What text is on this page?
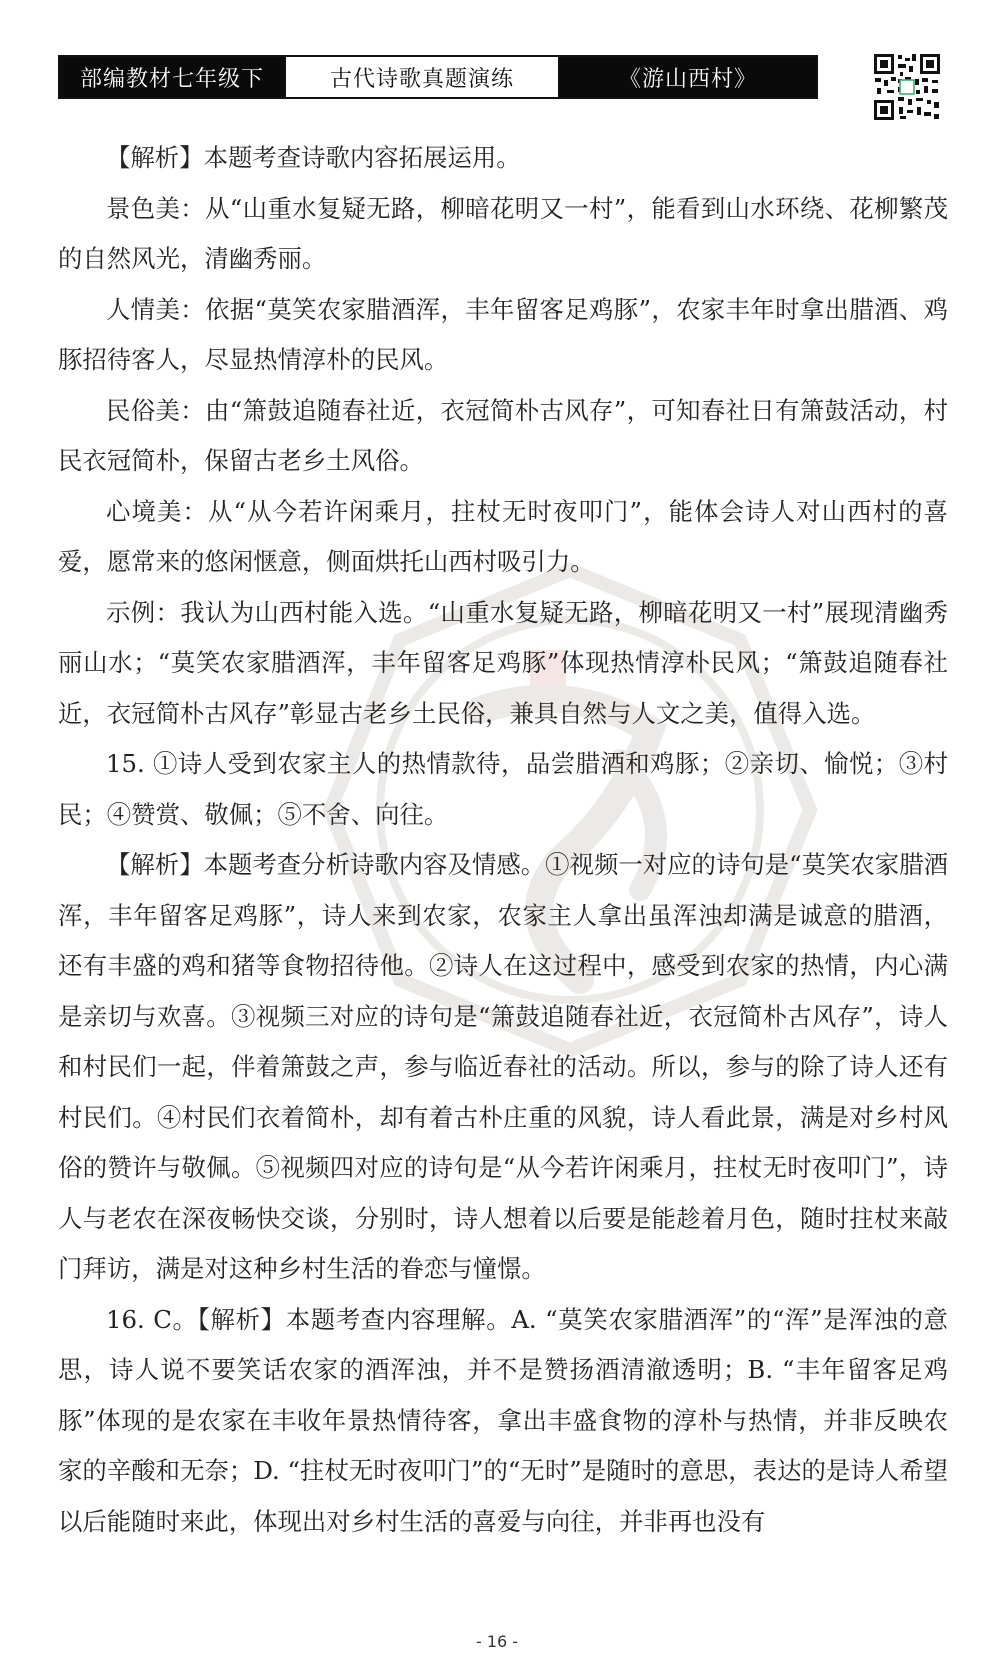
部编教材七年级下	古代诗歌真题演练	《游山西村》

【解析】本题考查诗歌内容拓展运用。

景色美：从“山重水复疑无路，柳暗花明又一村”，能看到山水环绕、花柳繁茂的自然风光，清幽秀丽。

人情美：依据“莫笑农家腊酒浑，丰年留客足鸡豚”，农家丰年时拿出腊酒、鸡豚招待客人，尽显热情淳朴的民风。

民俗美：由“箫鼓追随春社近，衣冠简朴古风存”，可知春社日有箫鼓活动，村民衣冠简朴，保留古老乡土风俗。

心境美：从“从今若许闲乘月，拄杖无时夜叩门”，能体会诗人对山西村的喜爱，愿常来的悠闲惬意，侧面烘托山西村吸引力。

示例：我认为山西村能入选。“山重水复疑无路，柳暗花明又一村”展现清幽秀丽山水；“莫笑农家腊酒浑，丰年留客足鸡豚”体现热情淳朴民风；“箫鼓追随春社近，衣冠简朴古风存”彰显古老乡土民俗，兼具自然与人文之美，值得入选。

15. ①诗人受到农家主人的热情款待，品尝腊酒和鸡豚；②亲切、愉悦；③村民；④赞赏、敬佩；⑤不舍、向往。

【解析】本题考查分析诗歌内容及情感。①视频一对应的诗句是“莫笑农家腊酒浑，丰年留客足鸡豚”，诗人来到农家，农家主人拿出虽浑浊却满是诚意的腊酒，还有丰盛的鸡和猪等食物招待他。②诗人在这过程中，感受到农家的热情，内心满是亲切与欢喜。③视频三对应的诗句是“箫鼓追随春社近，衣冠简朴古风存”，诗人和村民们一起，伴着箫鼓之声，参与临近春社的活动。所以，参与的除了诗人还有村民们。④村民们衣着简朴，却有着古朴庄重的风貌，诗人看此景，满是对乡村风俗的赞许与敬佩。⑤视频四对应的诗句是“从今若许闲乘月，拄杖无时夜叩门”，诗人与老农在深夜畅快交谈，分别时，诗人想着以后要是能趁着月色，随时拄杖来敲门拜访，满是对这种乡村生活的眷恋与憧憬。

16. C。【解析】本题考查内容理解。A. “莫笑农家腊酒浑”的“浑”是浑浊的意思，诗人说不要笑话农家的酒浑浊，并不是赞扬酒清澈透明；B. “丰年留客足鸡豚”体现的是农家在丰收年景热情待客，拿出丰盛食物的淳朴与热情，并非反映农家的辛酸和无奈；D. “拄杖无时夜叩门”的“无时”是随时的意思，表达的是诗人希望以后能随时来此，体现出对乡村生活的喜爱与向往，并非再也没有

- 16 -
